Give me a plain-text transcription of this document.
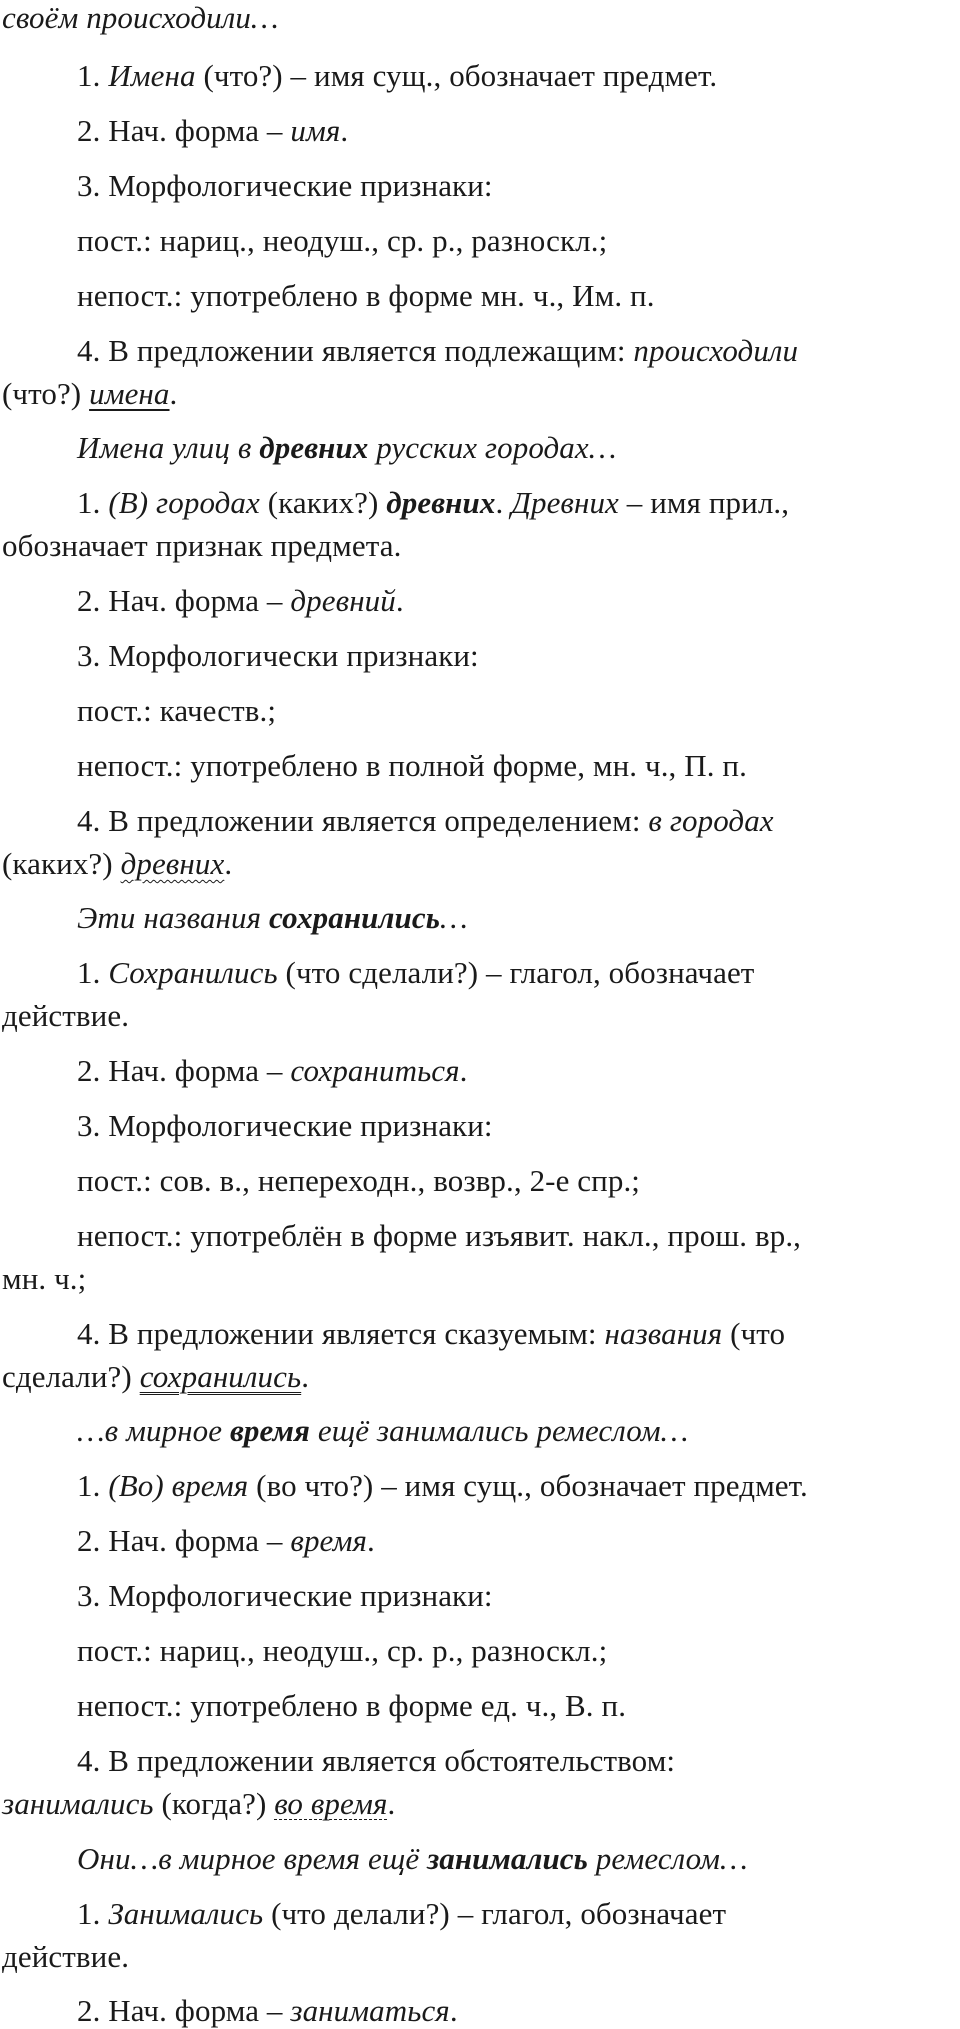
своём происходили…
1. Имена (что?) – имя сущ., обозначает предмет.
2. Нач. форма – имя.
3. Морфологические признаки:
пост.: нариц., неодуш., ср. р., разноскл.;
непост.: употреблено в форме мн. ч., Им. п.
4. В предложении является подлежащим: происходили
(что?) имена.
Имена улиц в древних русских городах…
1. (В) городах (каких?) древних. Древних – имя прил.,
обозначает признак предмета.
2. Нач. форма – древний.
3. Морфологически признаки:
пост.: качеств.;
непост.: употреблено в полной форме, мн. ч., П. п.
4. В предложении является определением: в городах
(каких?) древних.
Эти названия сохранились…
1. Сохранились (что сделали?) – глагол, обозначает
действие.
2. Нач. форма – сохраниться.
3. Морфологические признаки:
пост.: сов. в., непереходн., возвр., 2-е спр.;
непост.: употреблён в форме изъявит. накл., прош. вр.,
мн. ч.;
4. В предложении является сказуемым: названия (что
сделали?) сохранились.
…в мирное время ещё занимались ремеслом…
1. (Во) время (во что?) – имя сущ., обозначает предмет.
2. Нач. форма – время.
3. Морфологические признаки:
пост.: нариц., неодуш., ср. р., разноскл.;
непост.: употреблено в форме ед. ч., В. п.
4. В предложении является обстоятельством:
занимались (когда?) во время.
Они…в мирное время ещё занимались ремеслом…
1. Занимались (что делали?) – глагол, обозначает
действие.
2. Нач. форма – заниматься.
